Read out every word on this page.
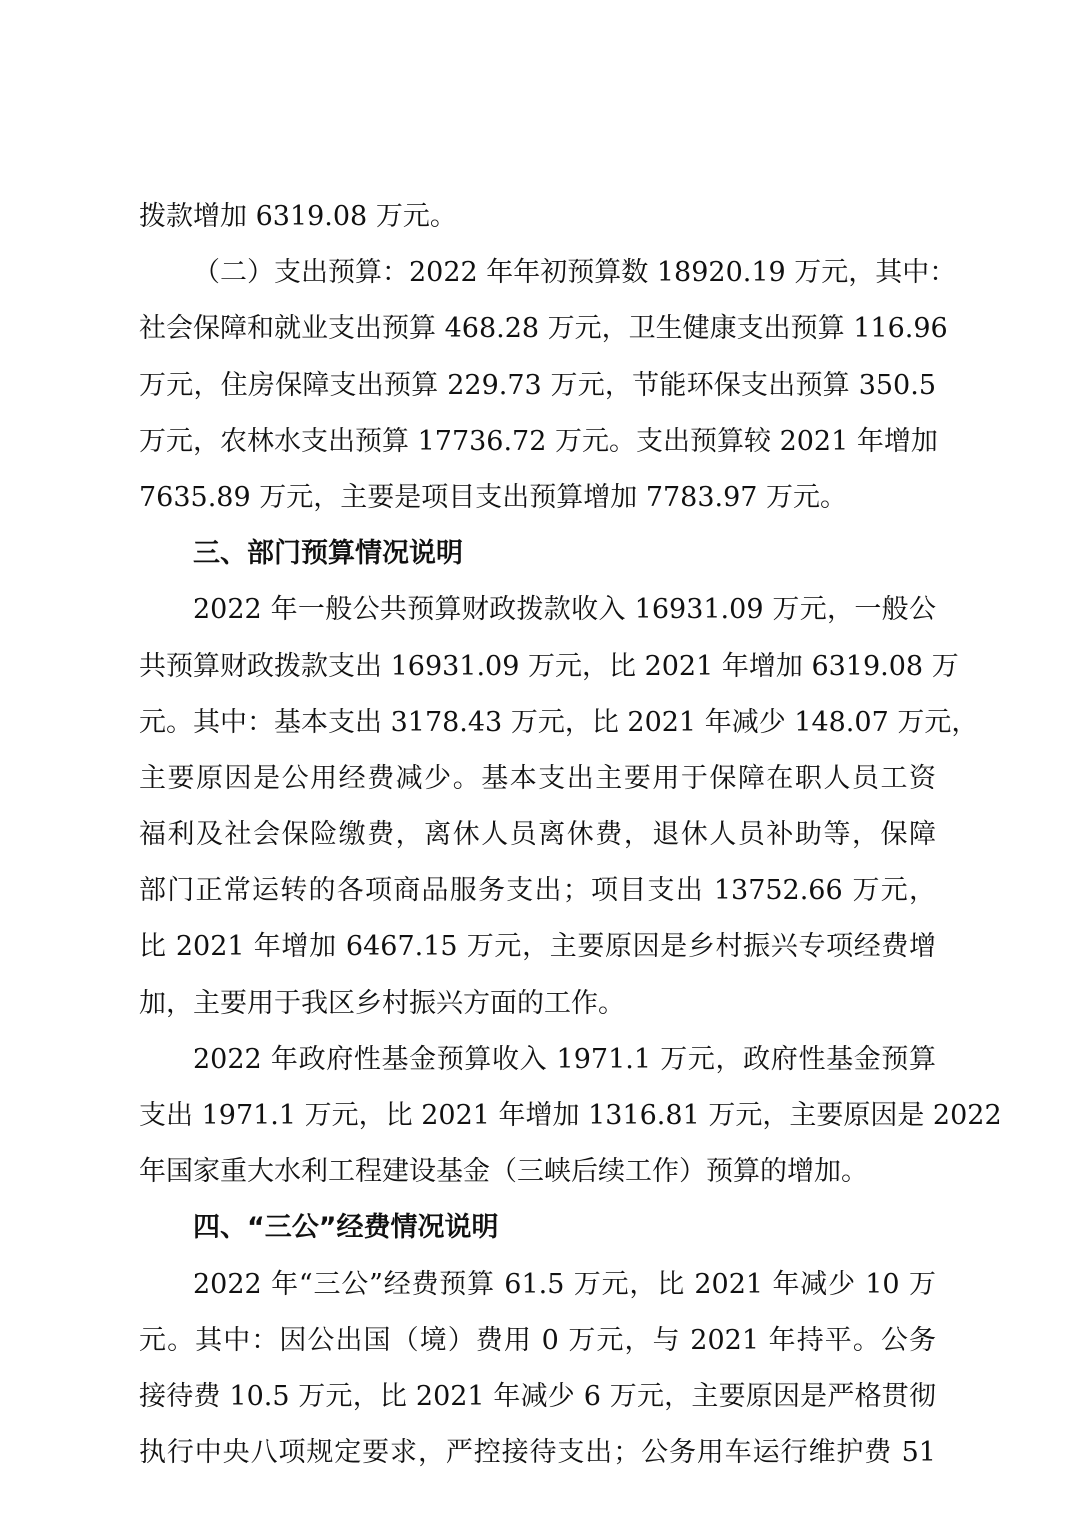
拨款增加 6319.08 万元。
（二）支出预算：2022 年年初预算数 18920.19 万元，其中：
社会保障和就业支出预算 468.28 万元，卫生健康支出预算 116.96
万元，住房保障支出预算 229.73 万元，节能环保支出预算 350.5
万元，农林水支出预算 17736.72 万元。支出预算较 2021 年增加
7635.89 万元，主要是项目支出预算增加 7783.97 万元。
三、部门预算情况说明
2022 年一般公共预算财政拨款收入 16931.09 万元，一般公
共预算财政拨款支出 16931.09 万元，比 2021 年增加 6319.08 万
元。其中：基本支出 3178.43 万元，比 2021 年减少 148.07 万元，
主要原因是公用经费减少。基本支出主要用于保障在职人员工资
福利及社会保险缴费，离休人员离休费，退休人员补助等，保障
部门正常运转的各项商品服务支出；项目支出 13752.66 万元，
比 2021 年增加 6467.15 万元，主要原因是乡村振兴专项经费增
加，主要用于我区乡村振兴方面的工作。
2022 年政府性基金预算收入 1971.1 万元，政府性基金预算
支出 1971.1 万元，比 2021 年增加 1316.81 万元，主要原因是 2022
年国家重大水利工程建设基金（三峡后续工作）预算的增加。
四、“三公”经费情况说明
2022 年“三公”经费预算 61.5 万元，比 2021 年减少 10 万
元。其中：因公出国（境）费用 0 万元，与 2021 年持平。公务
接待费 10.5 万元，比 2021 年减少 6 万元，主要原因是严格贯彻
执行中央八项规定要求，严控接待支出；公务用车运行维护费 51
